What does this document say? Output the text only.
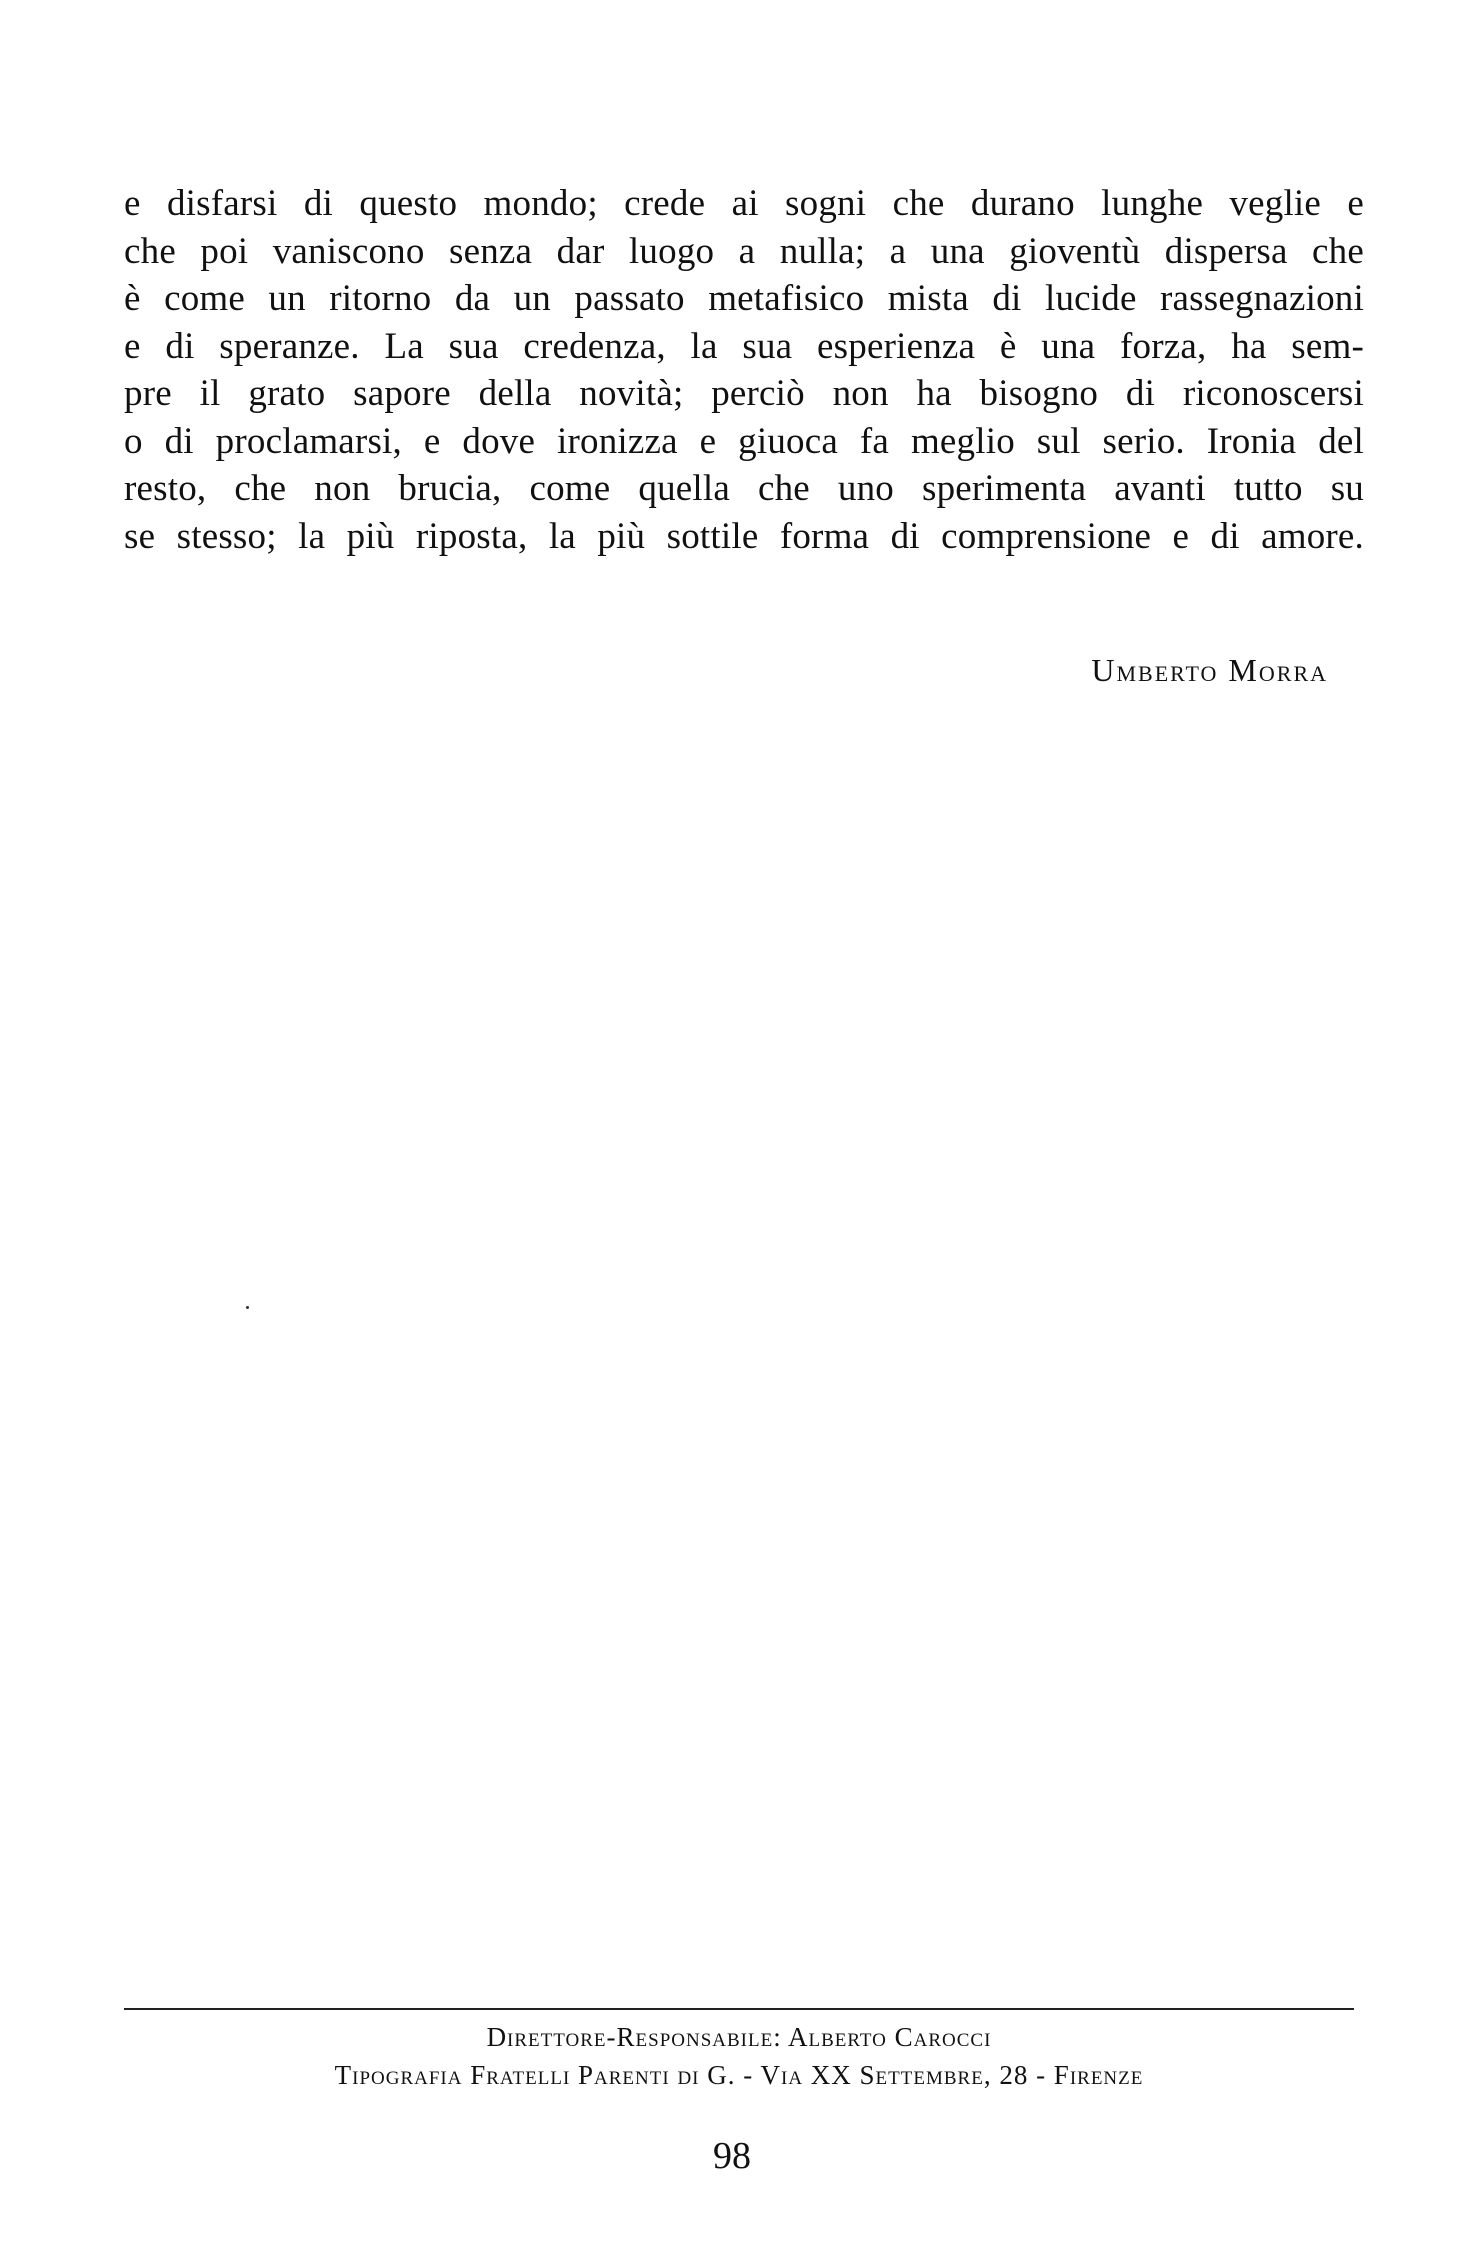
e disfarsi di questo mondo; crede ai sogni che durano lunghe veglie e
che poi vaniscono senza dar luogo a nulla; a una gioventù dispersa che
è come un ritorno da un passato metafisico mista di lucide rassegnazioni
e di speranze. La sua credenza, la sua esperienza è una forza, ha sem-
pre il grato sapore della novità; perciò non ha bisogno di riconoscersi
o di proclamarsi, e dove ironizza e giuoca fa meglio sul serio. Ironia del
resto, che non brucia, come quella che uno sperimenta avanti tutto su
se stesso; la più riposta, la più sottile forma di comprensione e di amore.
Umberto Morra
Direttore-Responsabile: Alberto Carocci
Tipografia Fratelli Parenti di G. - Via XX Settembre, 28 - Firenze
98
